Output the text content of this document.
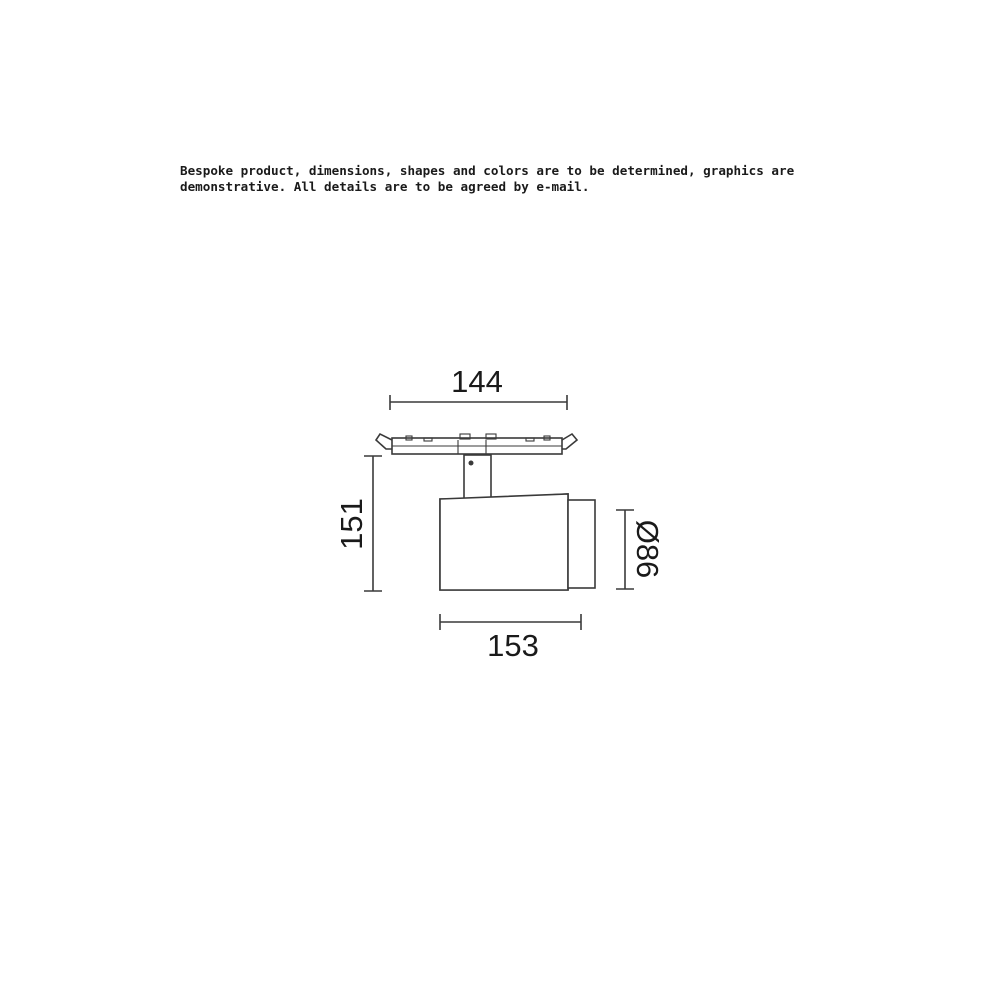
Bespoke product, dimensions, shapes and colors are to be determined, graphics are
demonstrative. All details are to be agreed by e-mail.

144
151	Ø86
153
